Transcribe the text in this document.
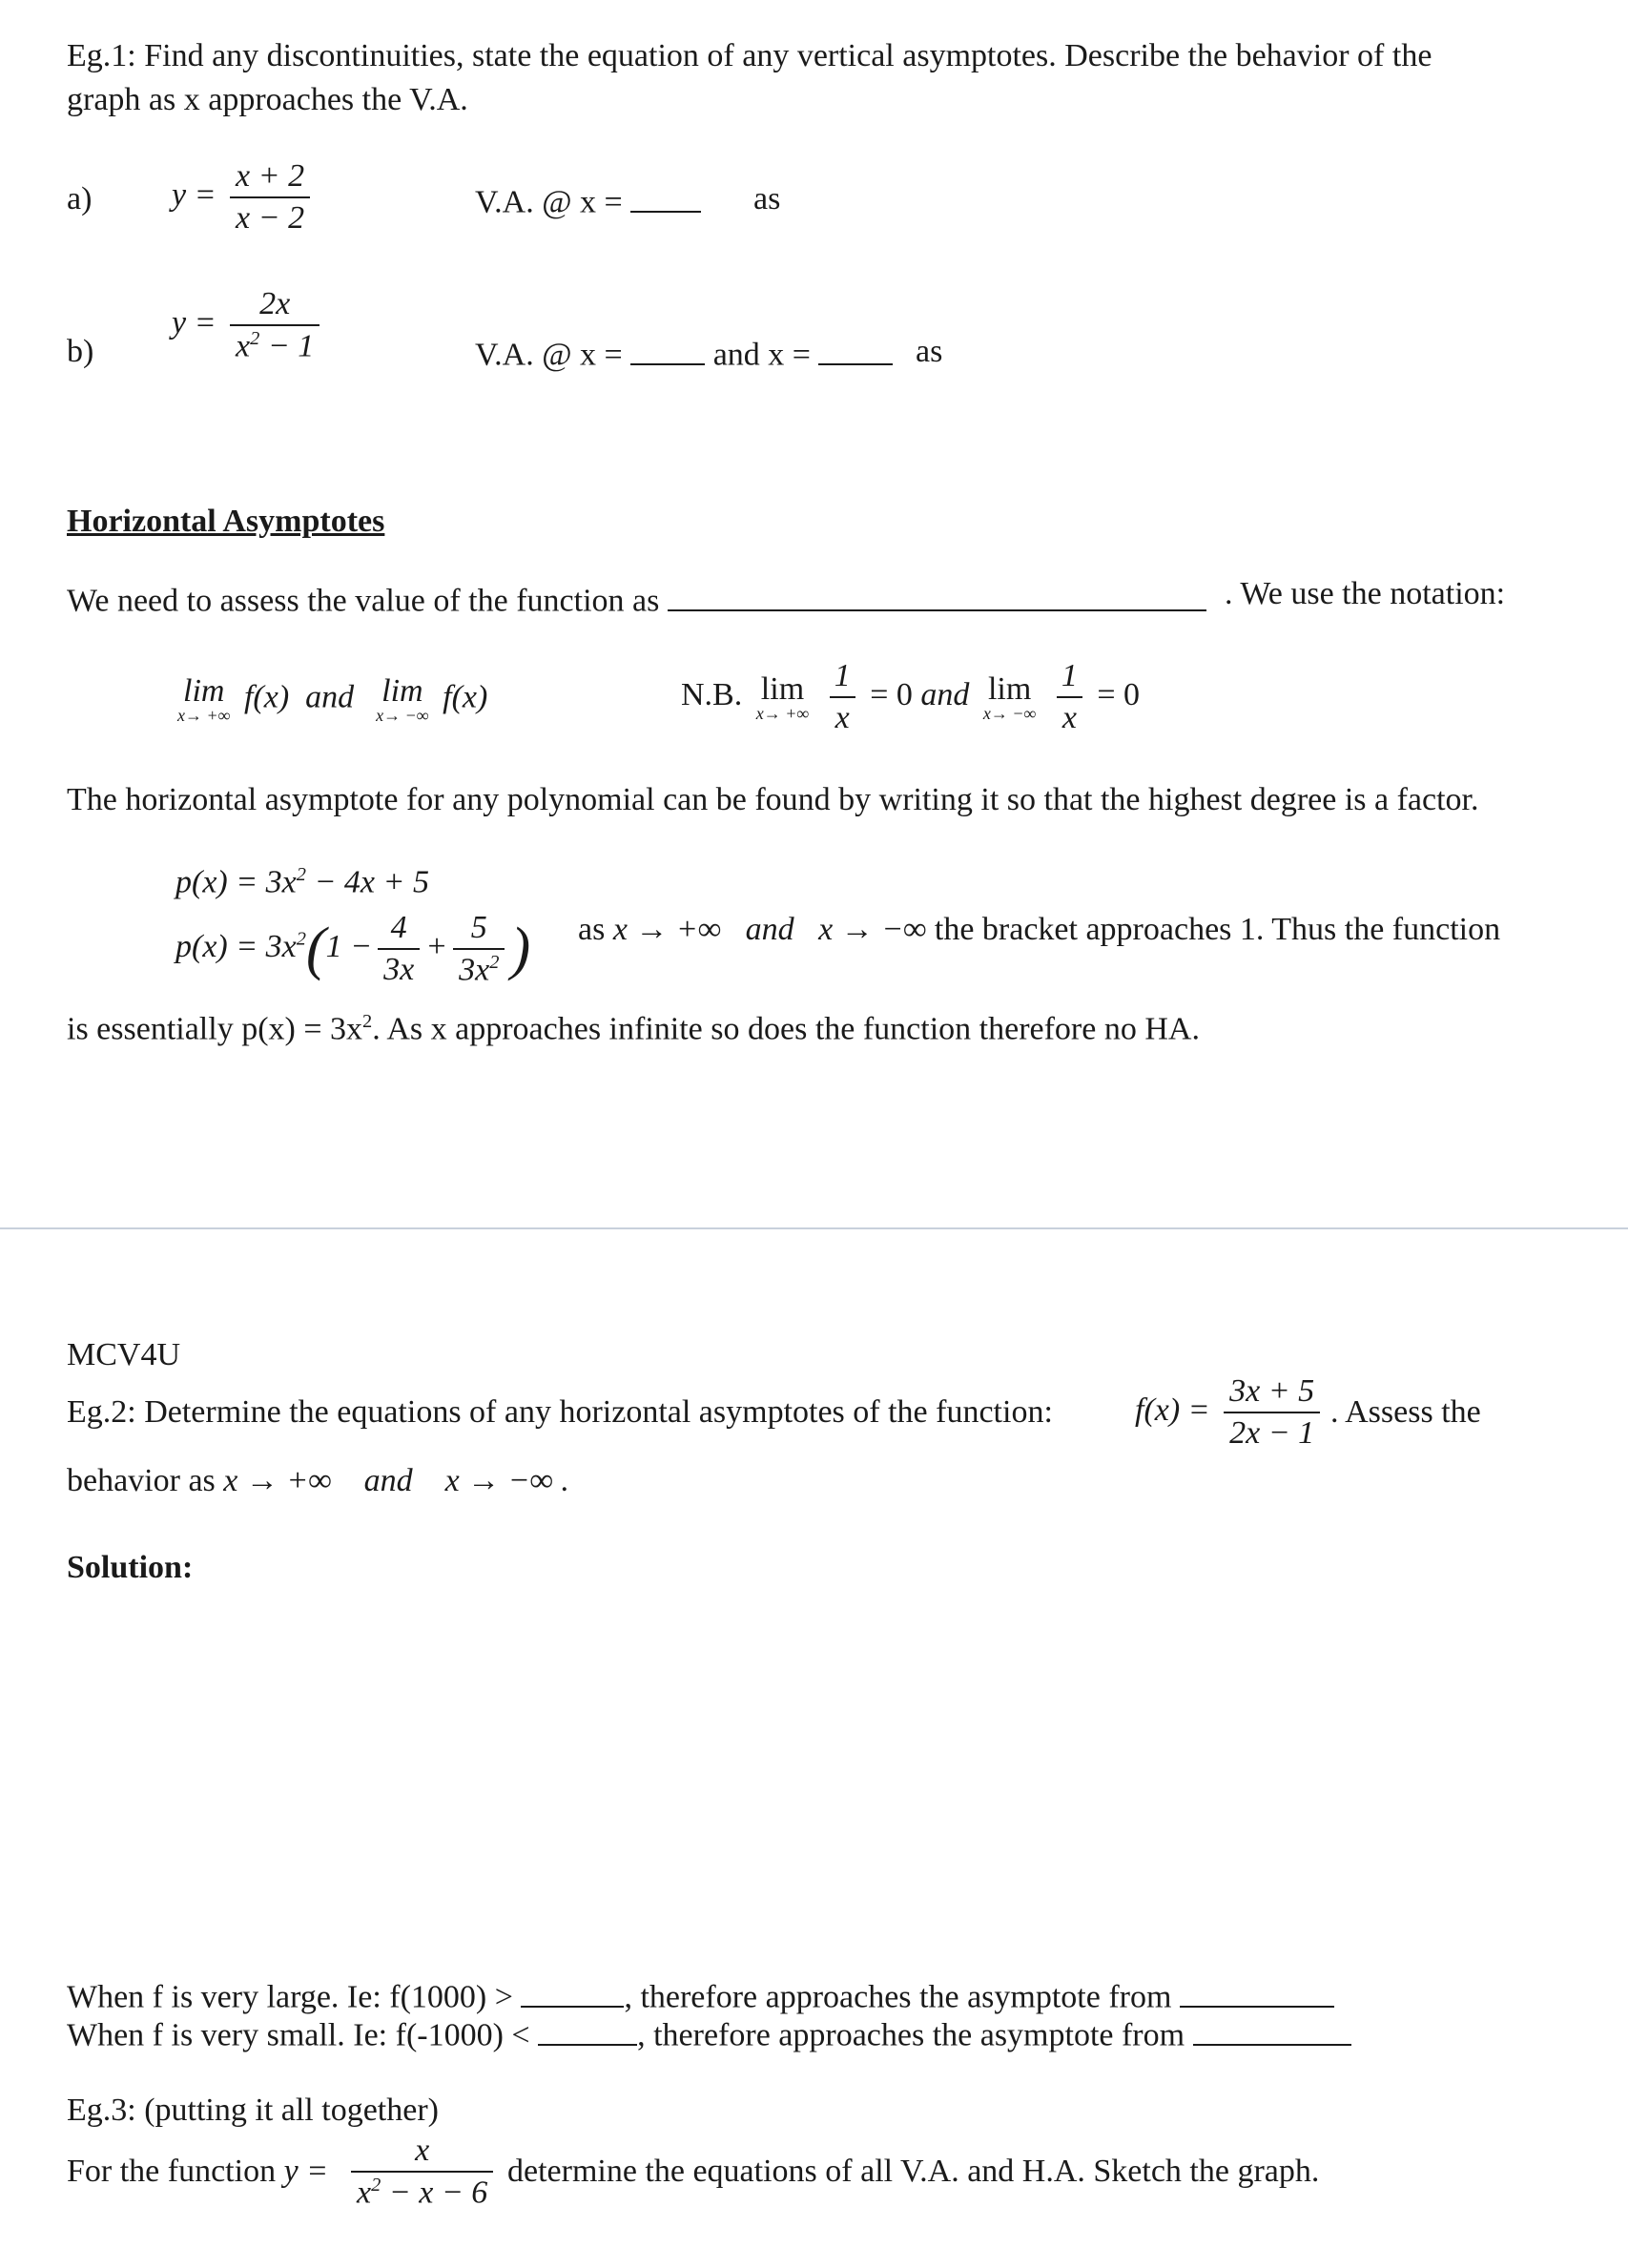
Eg.1: Find any discontinuities, state the equation of any vertical asymptotes. Describe the behavior of the
graph as x approaches the V.A.
a) $y = \frac{x + 2}{x - 2}$	V.A. @ x =	as
b)
$y = \frac{2x}{x^2 - 1}$	V.A. @ x =	and x =	as
Horizontal Asymptotes
We need to assess the value of the function as	. We use the notation:
lim
x→ +∞
f(x) and lim
x→ −∞
f(x)	N.B. lim
x→ +∞
$\frac{1}{x} = 0$ and lim
x→ −∞
$\frac{1}{x} = 0$
The horizontal asymptote for any polynomial can be found by writing it so that the highest degree is a factor.
$p(x) = 3x^2 - 4x + 5$
$p(x) = 3x^2(1 - \frac{4}{3x} + \frac{5}{3x^2}$ ) as x → +∞ and x → −∞ the bracket approaches 1. Thus the function
is essentially $p(x) = 3x^2$. As x approaches infinite so does the function therefore no HA.
MCV4U
Eg.2: Determine the equations of any horizontal asymptotes of the function:	$f(x) = \frac{3x + 5}{2x - 1}$ . Assess the
behavior as x → +∞ and x → −∞ .
Solution:
When f is very large. Ie: f(1000) >	, therefore approaches the asymptote from
When f is very small. Ie: f(-1000) <	, therefore approaches the asymptote from
Eg.3: (putting it all together)
For the function $y = \frac{x}{x^2 - x - 6}$ determine the equations of all V.A. and H.A. Sketch the graph.
